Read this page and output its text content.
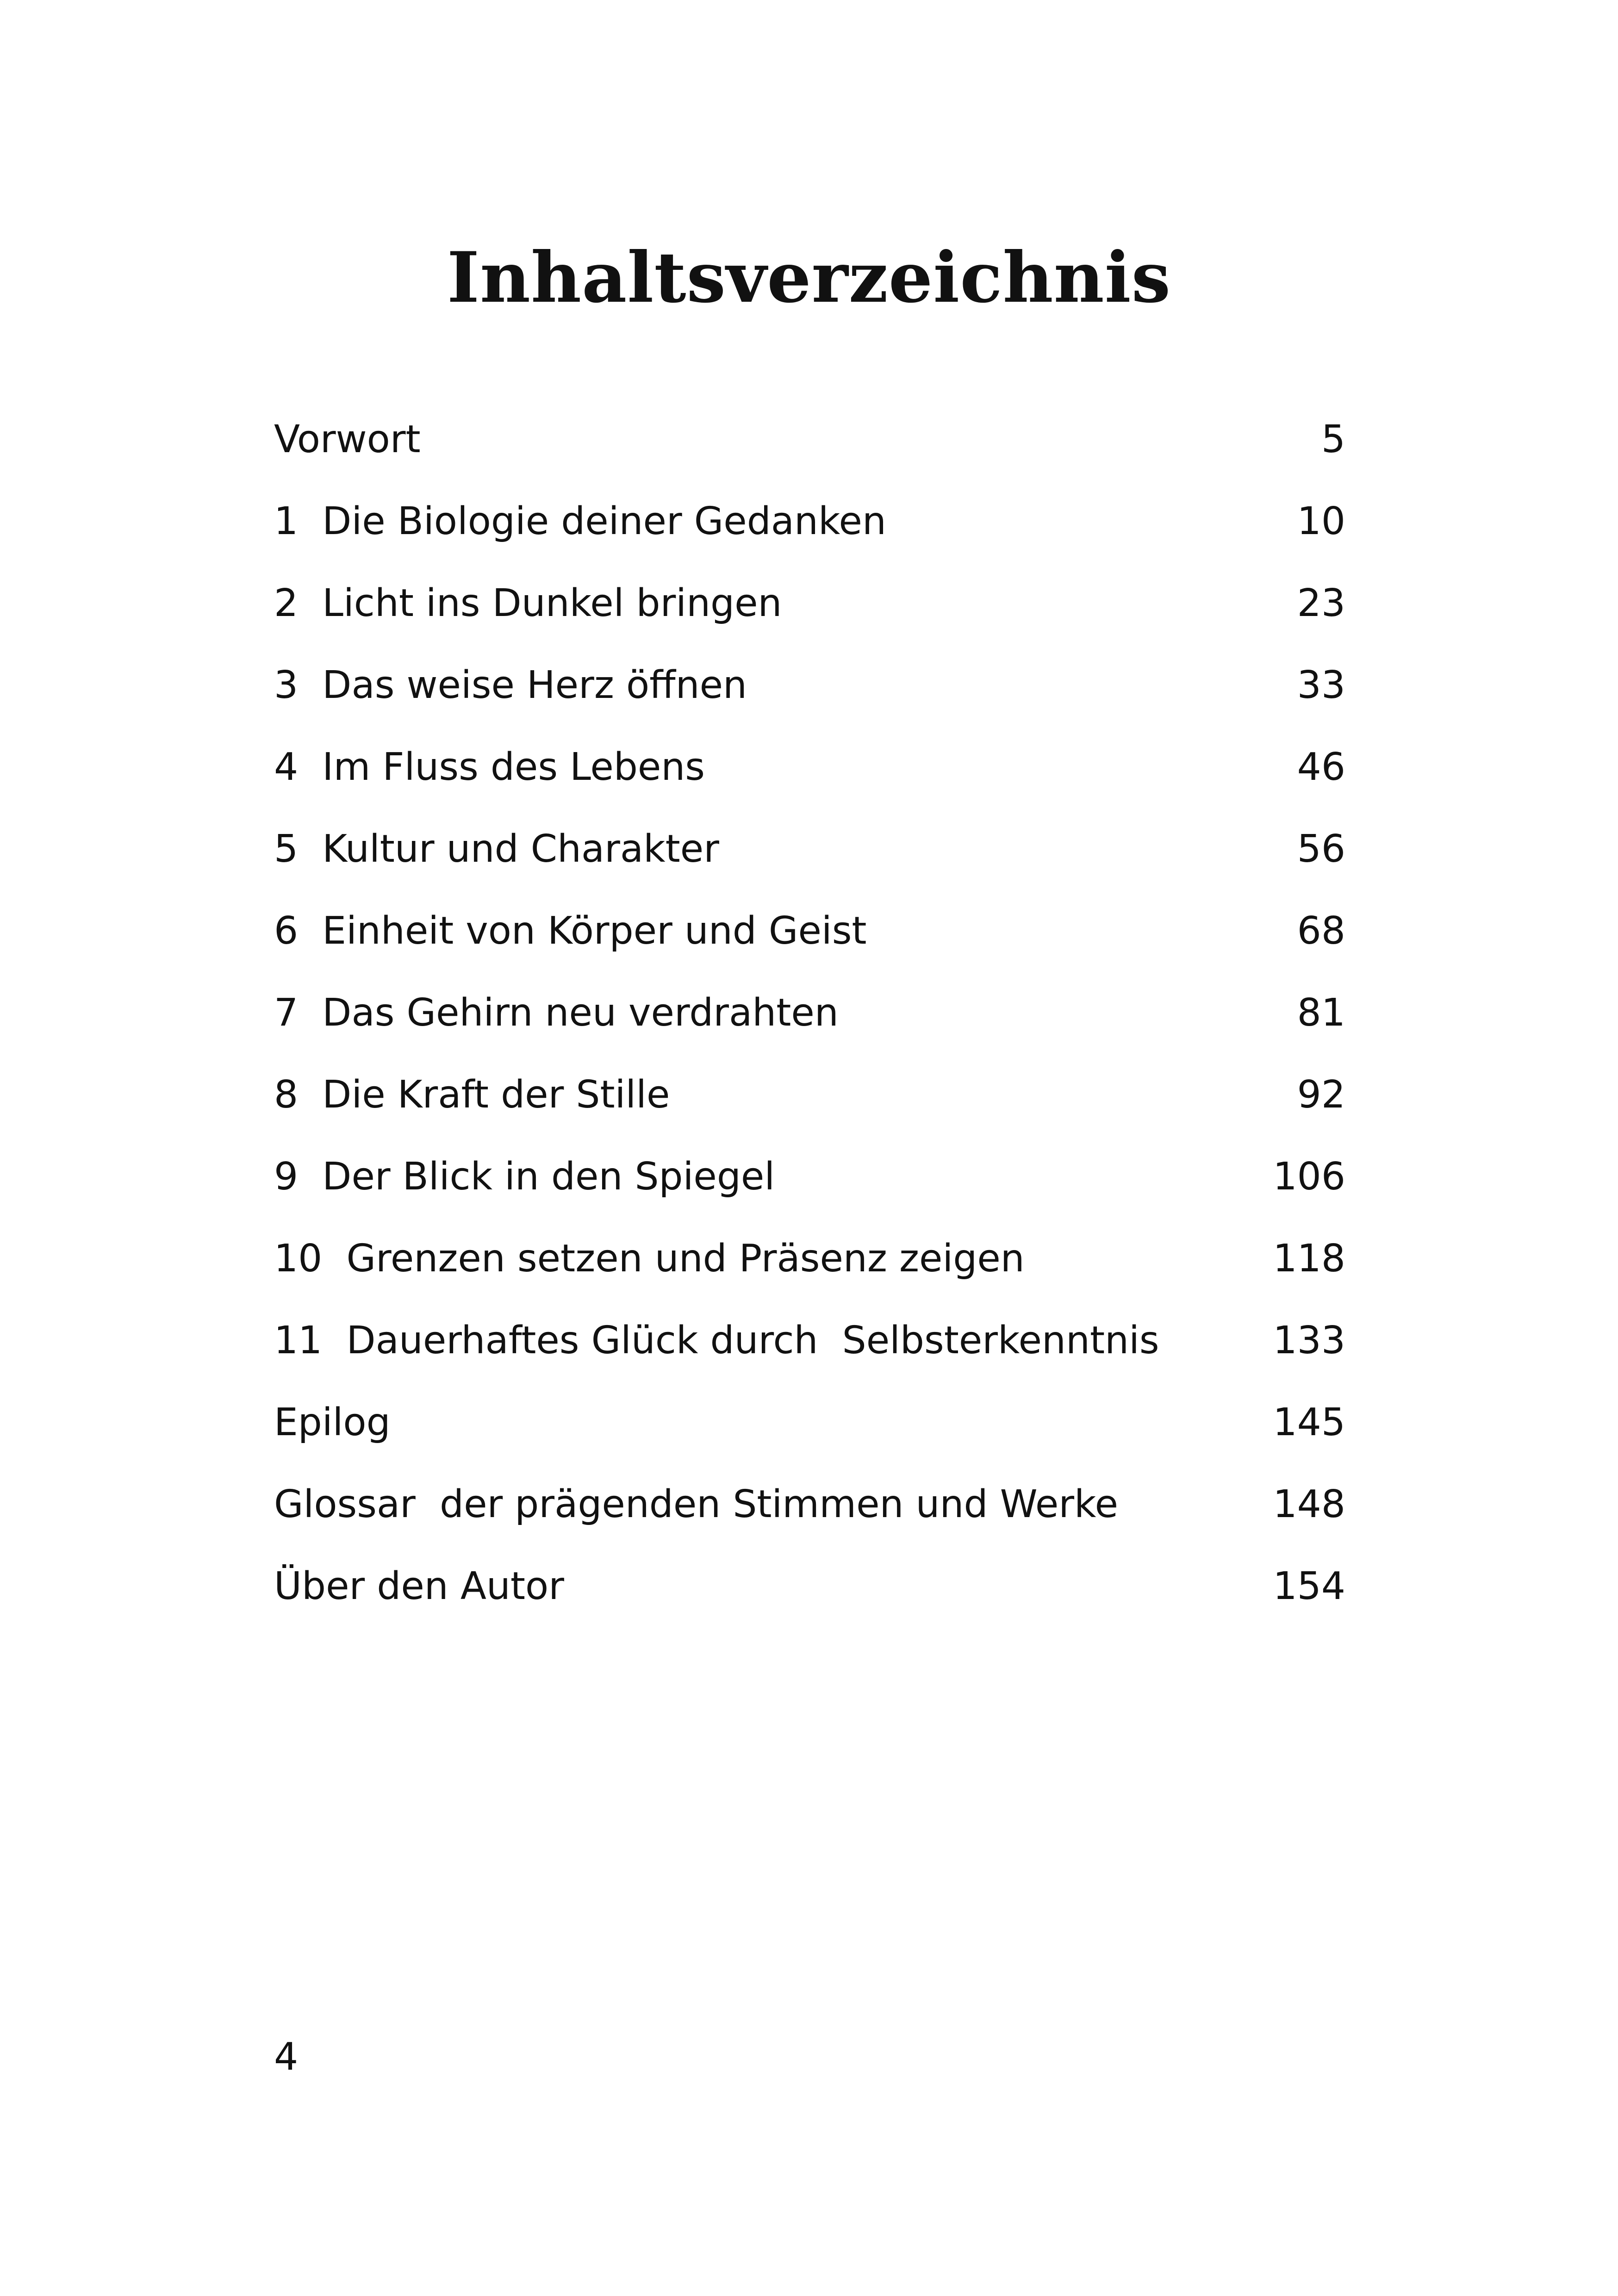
Inhaltsverzeichnis
Vorwort	5
1  Die Biologie deiner Gedanken	10
2  Licht ins Dunkel bringen	23
3  Das weise Herz öffnen	33
4  Im Fluss des Lebens	46
5  Kultur und Charakter	56
6  Einheit von Körper und Geist	68
7  Das Gehirn neu verdrahten	81
8  Die Kraft der Stille	92
9  Der Blick in den Spiegel	106
10  Grenzen setzen und Präsenz zeigen	118
11  Dauerhaftes Glück durch  Selbsterkenntnis	133
Epilog	145
Glossar  der prägenden Stimmen und Werke	148
Über den Autor	154
4
